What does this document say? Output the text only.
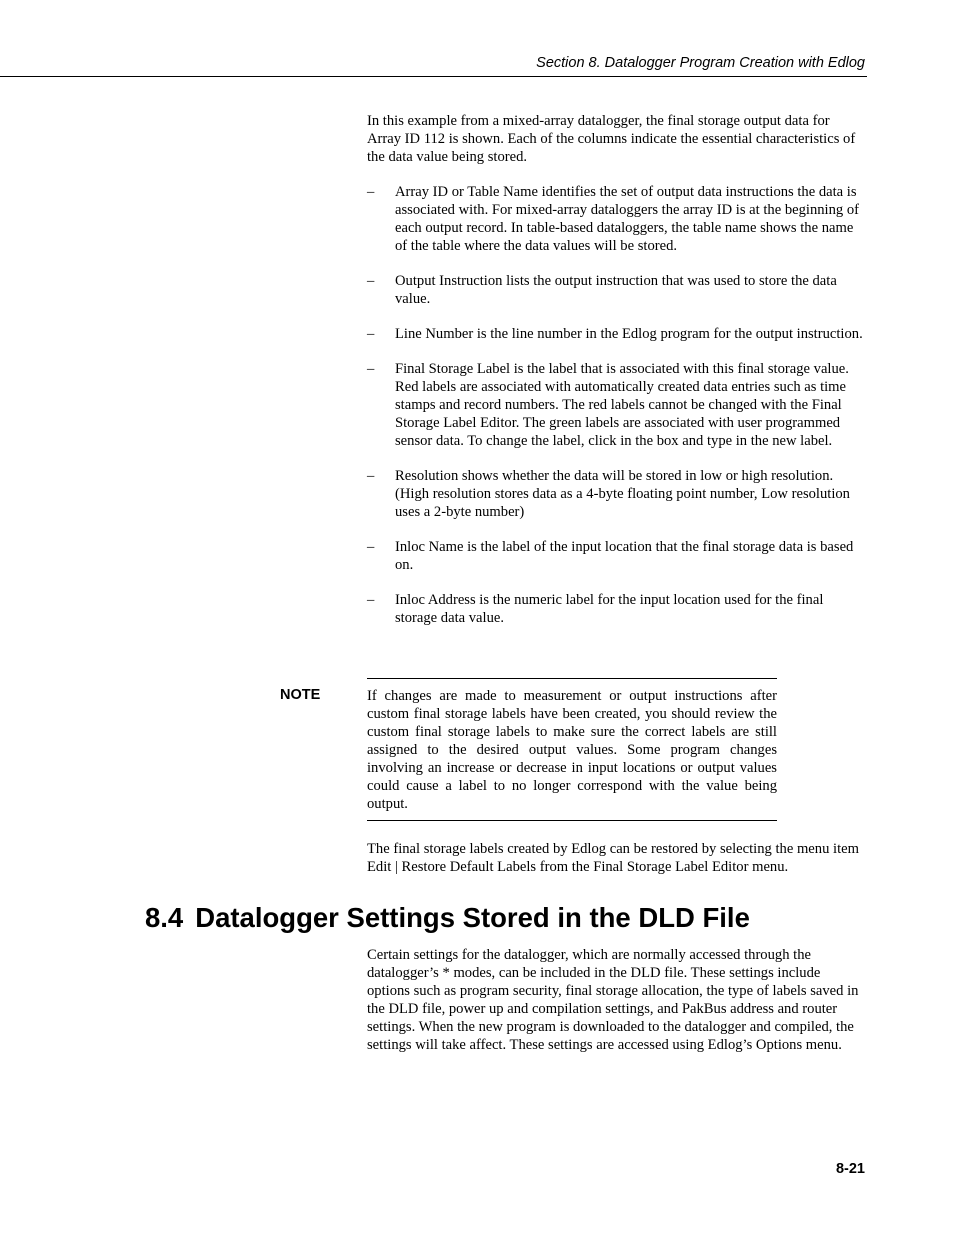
Section 8. Datalogger Program Creation with Edlog

In this example from a mixed-array datalogger, the final storage output data for Array ID 112 is shown. Each of the columns indicate the essential characteristics of the data value being stored.

– Array ID or Table Name identifies the set of output data instructions the data is associated with. For mixed-array dataloggers the array ID is at the beginning of each output record. In table-based dataloggers, the table name shows the name of the table where the data values will be stored.
– Output Instruction lists the output instruction that was used to store the data value.
– Line Number is the line number in the Edlog program for the output instruction.
– Final Storage Label is the label that is associated with this final storage value. Red labels are associated with automatically created data entries such as time stamps and record numbers. The red labels cannot be changed with the Final Storage Label Editor. The green labels are associated with user programmed sensor data. To change the label, click in the box and type in the new label.
– Resolution shows whether the data will be stored in low or high resolution. (High resolution stores data as a 4-byte floating point number, Low resolution uses a 2-byte number)
– Inloc Name is the label of the input location that the final storage data is based on.
– Inloc Address is the numeric label for the input location used for the final storage data value.
NOTE	If changes are made to measurement or output instructions after custom final storage labels have been created, you should review the custom final storage labels to make sure the correct labels are still assigned to the desired output values. Some program changes involving an increase or decrease in input locations or output values could cause a label to no longer correspond with the value being output.

The final storage labels created by Edlog can be restored by selecting the menu item Edit | Restore Default Labels from the Final Storage Label Editor menu.

8.4 Datalogger Settings Stored in the DLD File

Certain settings for the datalogger, which are normally accessed through the datalogger’s * modes, can be included in the DLD file. These settings include options such as program security, final storage allocation, the type of labels saved in the DLD file, power up and compilation settings, and PakBus address and router settings. When the new program is downloaded to the datalogger and compiled, the settings will take affect. These settings are accessed using Edlog’s Options menu.

8-21
